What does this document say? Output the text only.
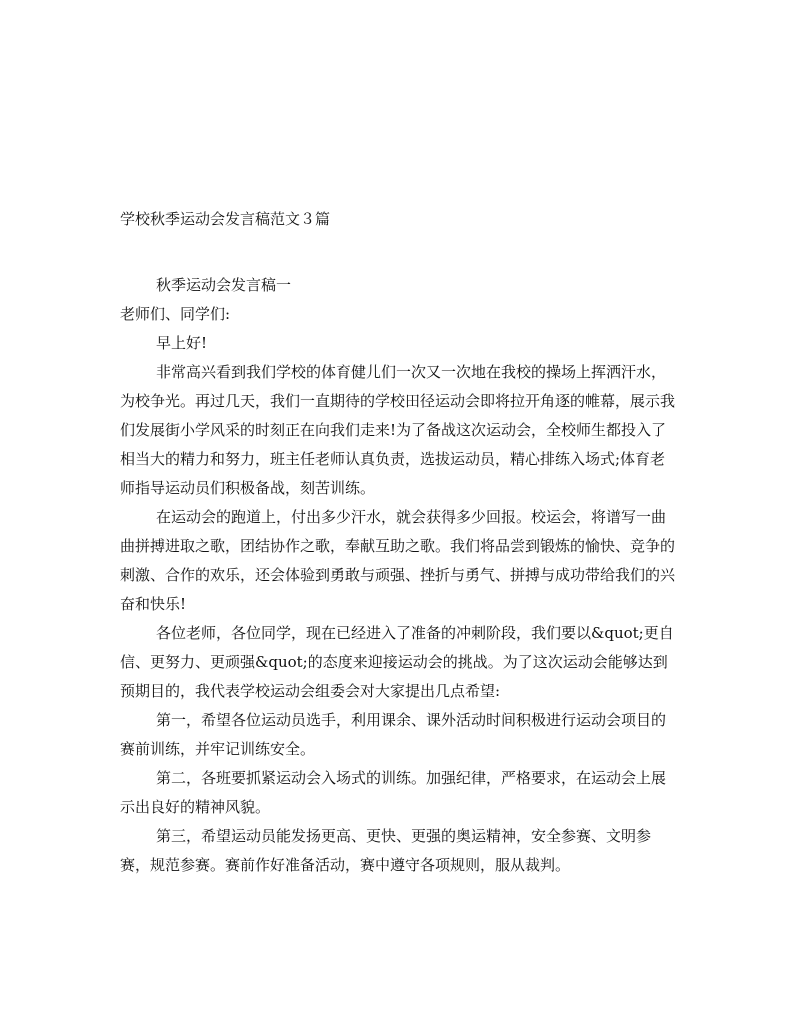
学校秋季运动会发言稿范文３篇

秋季运动会发言稿一

老师们、同学们:

早上好!

非常高兴看到我们学校的体育健儿们一次又一次地在我校的操场上挥洒汗水，为校争光。再过几天，我们一直期待的学校田径运动会即将拉开角逐的帷幕，展示我们发展街小学风采的时刻正在向我们走来!为了备战这次运动会，全校师生都投入了相当大的精力和努力，班主任老师认真负责，选拔运动员，精心排练入场式;体育老师指导运动员们积极备战，刻苦训练。

在运动会的跑道上，付出多少汗水，就会获得多少回报。校运会，将谱写一曲曲拼搏进取之歌，团结协作之歌，奉献互助之歌。我们将品尝到锻炼的愉快、竞争的刺激、合作的欢乐，还会体验到勇敢与顽强、挫折与勇气、拼搏与成功带给我们的兴奋和快乐!

各位老师，各位同学，现在已经进入了准备的冲刺阶段，我们要以&quot;更自信、更努力、更顽强&quot;的态度来迎接运动会的挑战。为了这次运动会能够达到预期目的，我代表学校运动会组委会对大家提出几点希望:

第一，希望各位运动员选手，利用课余、课外活动时间积极进行运动会项目的赛前训练，并牢记训练安全。

第二，各班要抓紧运动会入场式的训练。加强纪律，严格要求，在运动会上展示出良好的精神风貌。

第三，希望运动员能发扬更高、更快、更强的奥运精神，安全参赛、文明参赛，规范参赛。赛前作好准备活动，赛中遵守各项规则，服从裁判。
